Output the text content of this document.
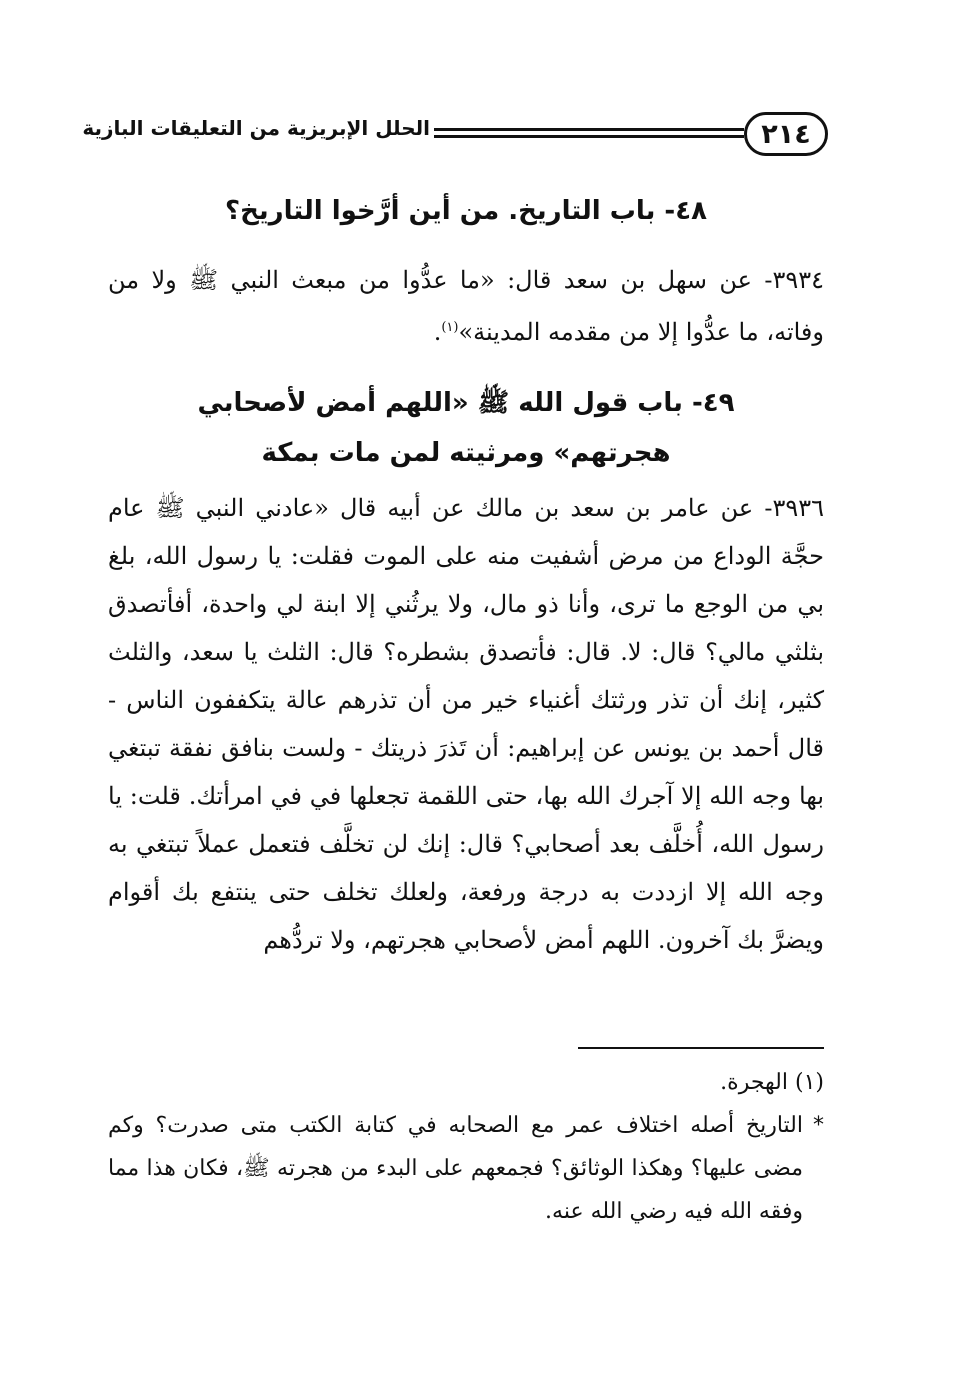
٢١٤
الحلل الإبريزية من التعليقات البازية
٤٨- باب التاريخ. من أين أرَّخوا التاريخ؟

٣٩٣٤- عن سهل بن سعد قال: «ما عدُّوا من مبعث النبي ﷺ ولا من وفاته، ما عدُّوا إلا من مقدمه المدينة»$^{(١)}$.

٤٩- باب قول الله ﷺ «اللهم أمض لأصحابي هجرتهم» ومرثيته لمن مات بمكة

٣٩٣٦- عن عامر بن سعد بن مالك عن أبيه قال «عادني النبي ﷺ عام حجَّة الوداع من مرض أشفيت منه على الموت فقلت: يا رسول الله، بلغ بي من الوجع ما ترى، وأنا ذو مال، ولا يرثُني إلا ابنة لي واحدة، أفأتصدق بثلثي مالي؟ قال: لا. قال: فأتصدق بشطره؟ قال: الثلث يا سعد، والثلث كثير، إنك أن تذر ورثتك أغنياء خير من أن تذرهم عالة يتكففون الناس - قال أحمد بن يونس عن إبراهيم: أن تَذرَ ذريتك - ولست بنافق نفقة تبتغي بها وجه الله إلا آجرك الله بها، حتى اللقمة تجعلها في في امرأتك. قلت: يا رسول الله، أُخلَّف بعد أصحابي؟ قال: إنك لن تخلَّف فتعمل عملاً تبتغي به وجه الله إلا ازددت به درجة ورفعة، ولعلك تخلف حتى ينتفع بك أقوام ويضرَّ بك آخرون. اللهم أمض لأصحابي هجرتهم، ولا تردُّهم

(١) الهجرة.
*
التاريخ أصله اختلاف عمر مع الصحابه في كتابة الكتب متى صدرت؟ وكم مضى عليها؟ وهكذا الوثائق؟ فجمعهم على البدء من هجرته ﷺ، فكان هذا مما وفقه الله فيه رضي الله عنه.
